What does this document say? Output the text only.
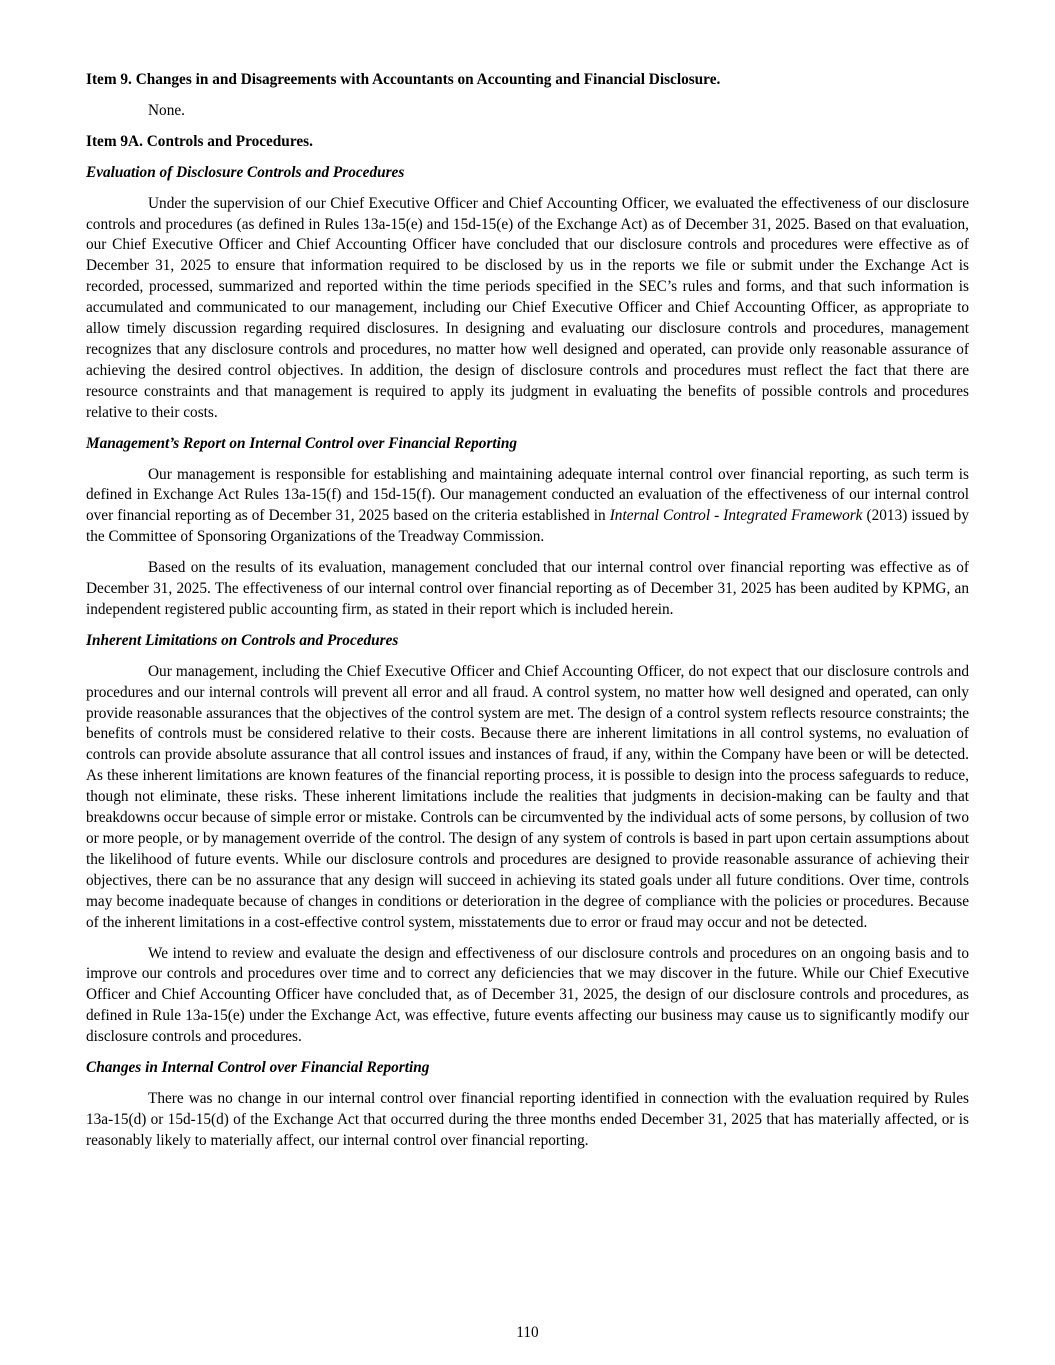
Item 9. Changes in and Disagreements with Accountants on Accounting and Financial Disclosure.
None.
Item 9A. Controls and Procedures.
Evaluation of Disclosure Controls and Procedures

Under the supervision of our Chief Executive Officer and Chief Accounting Officer, we evaluated the effectiveness of our disclosure controls and procedures (as defined in Rules 13a-15(e) and 15d-15(e) of the Exchange Act) as of December 31, 2025. Based on that evaluation, our Chief Executive Officer and Chief Accounting Officer have concluded that our disclosure controls and procedures were effective as of December 31, 2025 to ensure that information required to be disclosed by us in the reports we file or submit under the Exchange Act is recorded, processed, summarized and reported within the time periods specified in the SEC’s rules and forms, and that such information is accumulated and communicated to our management, including our Chief Executive Officer and Chief Accounting Officer, as appropriate to allow timely discussion regarding required disclosures. In designing and evaluating our disclosure controls and procedures, management recognizes that any disclosure controls and procedures, no matter how well designed and operated, can provide only reasonable assurance of achieving the desired control objectives. In addition, the design of disclosure controls and procedures must reflect the fact that there are resource constraints and that management is required to apply its judgment in evaluating the benefits of possible controls and procedures relative to their costs.

Management’s Report on Internal Control over Financial Reporting

Our management is responsible for establishing and maintaining adequate internal control over financial reporting, as such term is defined in Exchange Act Rules 13a-15(f) and 15d-15(f). Our management conducted an evaluation of the effectiveness of our internal control over financial reporting as of December 31, 2025 based on the criteria established in Internal Control - Integrated Framework (2013) issued by the Committee of Sponsoring Organizations of the Treadway Commission.

Based on the results of its evaluation, management concluded that our internal control over financial reporting was effective as of December 31, 2025. The effectiveness of our internal control over financial reporting as of December 31, 2025 has been audited by KPMG, an independent registered public accounting firm, as stated in their report which is included herein.

Inherent Limitations on Controls and Procedures

Our management, including the Chief Executive Officer and Chief Accounting Officer, do not expect that our disclosure controls and procedures and our internal controls will prevent all error and all fraud. A control system, no matter how well designed and operated, can only provide reasonable assurances that the objectives of the control system are met. The design of a control system reflects resource constraints; the benefits of controls must be considered relative to their costs. Because there are inherent limitations in all control systems, no evaluation of controls can provide absolute assurance that all control issues and instances of fraud, if any, within the Company have been or will be detected. As these inherent limitations are known features of the financial reporting process, it is possible to design into the process safeguards to reduce, though not eliminate, these risks. These inherent limitations include the realities that judgments in decision-making can be faulty and that breakdowns occur because of simple error or mistake. Controls can be circumvented by the individual acts of some persons, by collusion of two or more people, or by management override of the control. The design of any system of controls is based in part upon certain assumptions about the likelihood of future events. While our disclosure controls and procedures are designed to provide reasonable assurance of achieving their objectives, there can be no assurance that any design will succeed in achieving its stated goals under all future conditions. Over time, controls may become inadequate because of changes in conditions or deterioration in the degree of compliance with the policies or procedures. Because of the inherent limitations in a cost-effective control system, misstatements due to error or fraud may occur and not be detected.

We intend to review and evaluate the design and effectiveness of our disclosure controls and procedures on an ongoing basis and to improve our controls and procedures over time and to correct any deficiencies that we may discover in the future. While our Chief Executive Officer and Chief Accounting Officer have concluded that, as of December 31, 2025, the design of our disclosure controls and procedures, as defined in Rule 13a-15(e) under the Exchange Act, was effective, future events affecting our business may cause us to significantly modify our disclosure controls and procedures.

Changes in Internal Control over Financial Reporting

There was no change in our internal control over financial reporting identified in connection with the evaluation required by Rules 13a-15(d) or 15d-15(d) of the Exchange Act that occurred during the three months ended December 31, 2025 that has materially affected, or is reasonably likely to materially affect, our internal control over financial reporting.

110
